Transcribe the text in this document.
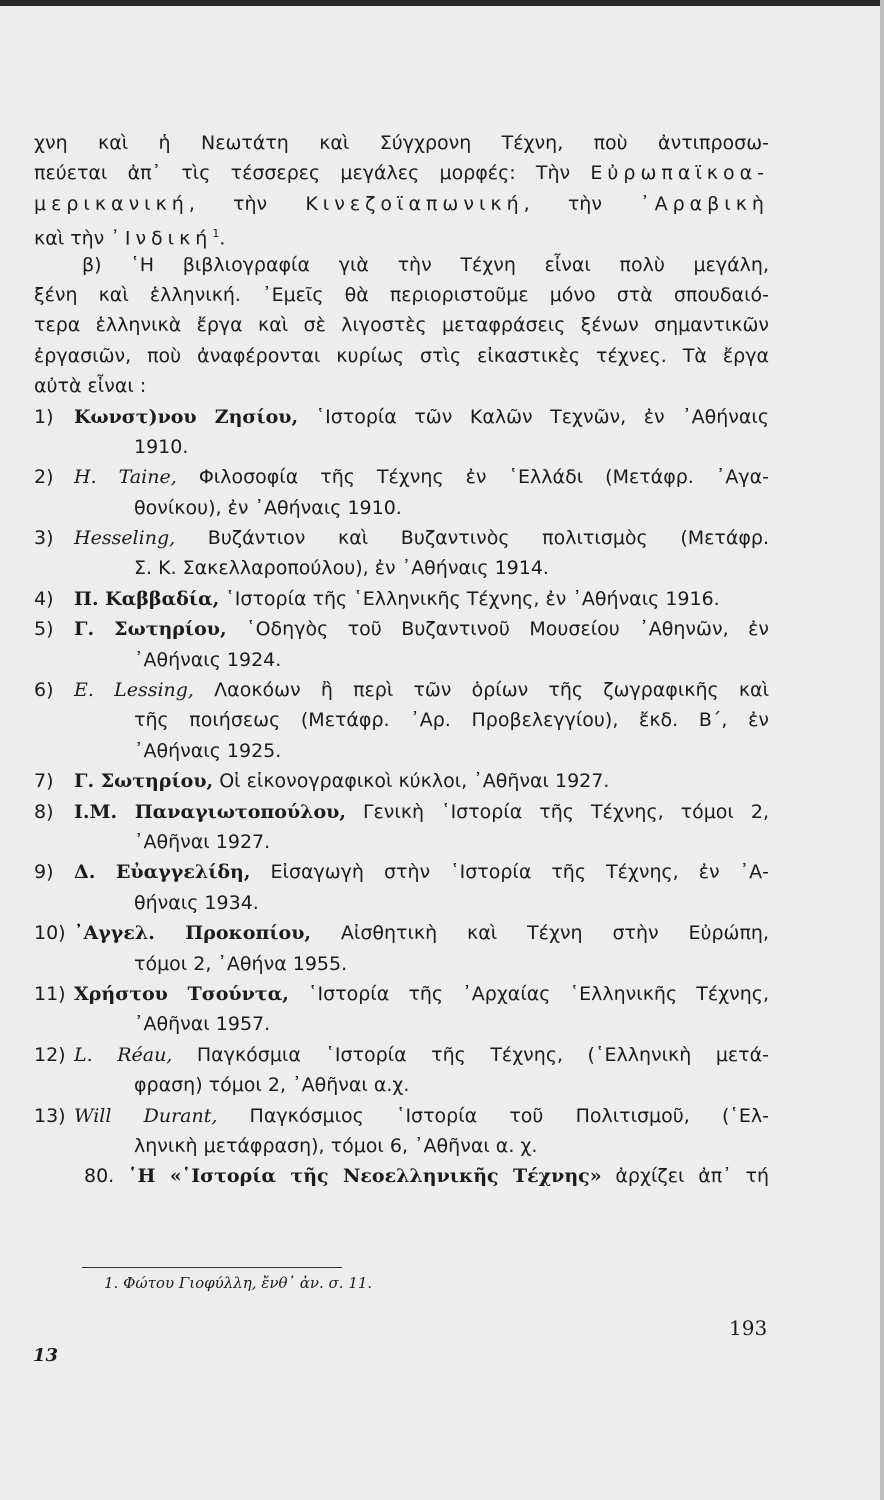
χνη καὶ ἡ Νεωτάτη καὶ Σύγχρονη Τέχνη, ποὺ ἀντιπροσω-
πεύεται ἀπ᾽ τὶς τέσσερες μεγάλες μορφές: Τὴν Εὐρωπαϊκοα-
μερικανική, τὴν Κινεζοϊαπωνική, τὴν ᾽Αραβικὴ
καὶ τὴν ᾽Ινδική$^1$.
β) ῾Η βιβλιογραφία γιὰ τὴν Τέχνη εἶναι πολὺ μεγάλη,
ξένη καὶ ἑλληνική. ᾽Εμεῖς θὰ περιοριστοῦμε μόνο στὰ σπουδαιό-
τερα ἑλληνικὰ ἔργα καὶ σὲ λιγοστὲς μεταφράσεις ξένων σημαντικῶν
ἐργασιῶν, ποὺ ἀναφέρονται κυρίως στὶς εἰκαστικὲς τέχνες. Τὰ ἔργα
αὐτὰ εἶναι :
1) Κωνστ)νου Ζησίου, ῾Ιστορία τῶν Καλῶν Τεχνῶν, ἐν ᾽Αθήναις
1910.
2) H. Taine, Φιλοσοφία τῆς Τέχνης ἐν ῾Ελλάδι (Μετάφρ. ᾽Αγα-
θονίκου), ἐν ᾽Αθήναις 1910.
3) Hesseling, Βυζάντιον καὶ Βυζαντινὸς πολιτισμὸς (Μετάφρ.
Σ. Κ. Σακελλαροπούλου), ἐν ᾽Αθήναις 1914.
4) Π. Καββαδία, ῾Ιστορία τῆς ῾Ελληνικῆς Τέχνης, ἐν ᾽Αθήναις 1916.
5) Γ. Σωτηρίου, ῾Οδηγὸς τοῦ Βυζαντινοῦ Μουσείου ᾽Αθηνῶν, ἐν
᾽Αθήναις 1924.
6) E. Lessing, Λαοκόων ἢ περὶ τῶν ὁρίων τῆς ζωγραφικῆς καὶ
τῆς ποιήσεως (Μετάφρ. ᾽Αρ. Προβελεγγίου), ἔκδ. Β΄, ἐν
᾽Αθήναις 1925.
7) Γ. Σωτηρίου, Οἱ εἰκονογραφικοὶ κύκλοι, ᾽Αθῆναι 1927.
8) Ι.Μ. Παναγιωτοπούλου, Γενικὴ ῾Ιστορία τῆς Τέχνης, τόμοι 2,
᾽Αθῆναι 1927.
9) Δ. Εὐαγγελίδη, Εἰσαγωγὴ στὴν ῾Ιστορία τῆς Τέχνης, ἐν ᾽Α-
θήναις 1934.
10) ᾽Αγγελ. Προκοπίου, Αἰσθητικὴ καὶ Τέχνη στὴν Εὐρώπη,
τόμοι 2, ᾽Αθήνα 1955.
11) Χρήστου Τσούντα, ῾Ιστορία τῆς ᾽Αρχαίας ῾Ελληνικῆς Τέχνης,
᾽Αθῆναι 1957.
12) L. Réau, Παγκόσμια ῾Ιστορία τῆς Τέχνης, (῾Ελληνικὴ μετά-
φραση) τόμοι 2, ᾽Αθῆναι α.χ.
13) Will Durant, Παγκόσμιος ῾Ιστορία τοῦ Πολιτισμοῦ, (῾Ελ-
ληνικὴ μετάφραση), τόμοι 6, ᾽Αθῆναι α. χ.
80. ῾Η «῾Ιστορία τῆς Νεοελληνικῆς Τέχνης» ἀρχίζει ἀπ᾽ τή
1. Φώτου Γιοφύλλη, ἔνθ᾽ ἀν. σ. 11.
193
13
